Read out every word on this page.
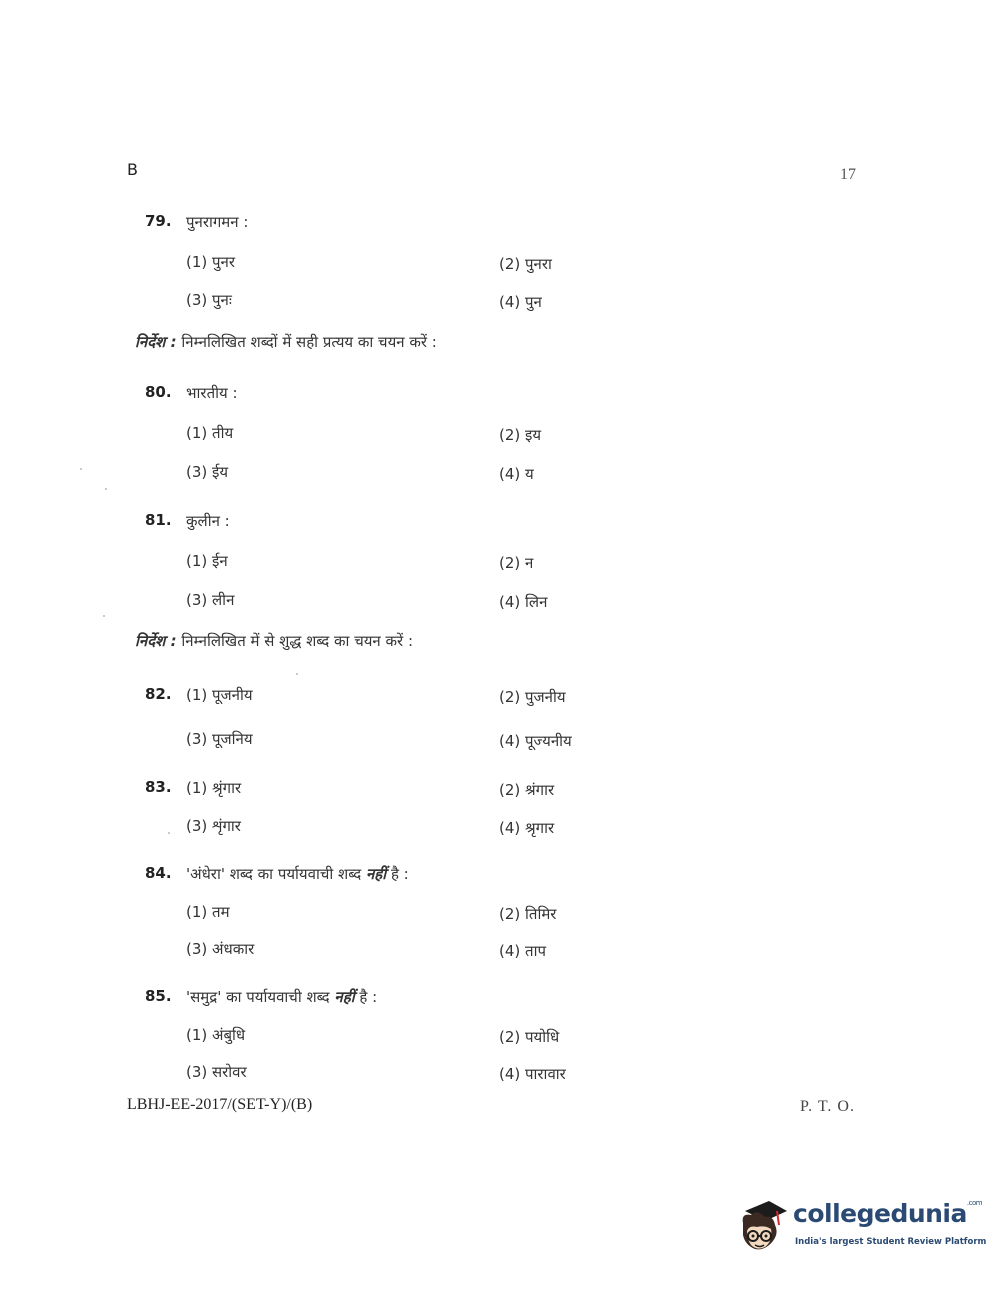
B	17
79. पुनरागमन :
(1) पुनर	(2) पुनरा
(3) पुनः	(4) पुन
निर्देश : निम्नलिखित शब्दों में सही प्रत्यय का चयन करें :
80. भारतीय :
(1) तीय	(2) इय
(3) ईय	(4) य
81. कुलीन :
(1) ईन	(2) न
(3) लीन	(4) लिन
निर्देश : निम्नलिखित में से शुद्ध शब्द का चयन करें :
82. (1) पूजनीय	(2) पुजनीय
(3) पूजनिय	(4) पूज्यनीय
83. (1) श्रृंगार	(2) श्रंगार
(3) शृंगार	(4) श्रृगार
84. 'अंधेरा' शब्द का पर्यायवाची शब्द नहीं है :
(1) तम	(2) तिमिर
(3) अंधकार	(4) ताप
85. 'समुद्र' का पर्यायवाची शब्द नहीं है :
(1) अंबुधि	(2) पयोधि
(3) सरोवर	(4) पारावार
LBHJ-EE-2017/(SET-Y)/(B)	P. T. O.
collegedunia$^{.com}$
India's largest Student Review Platform
